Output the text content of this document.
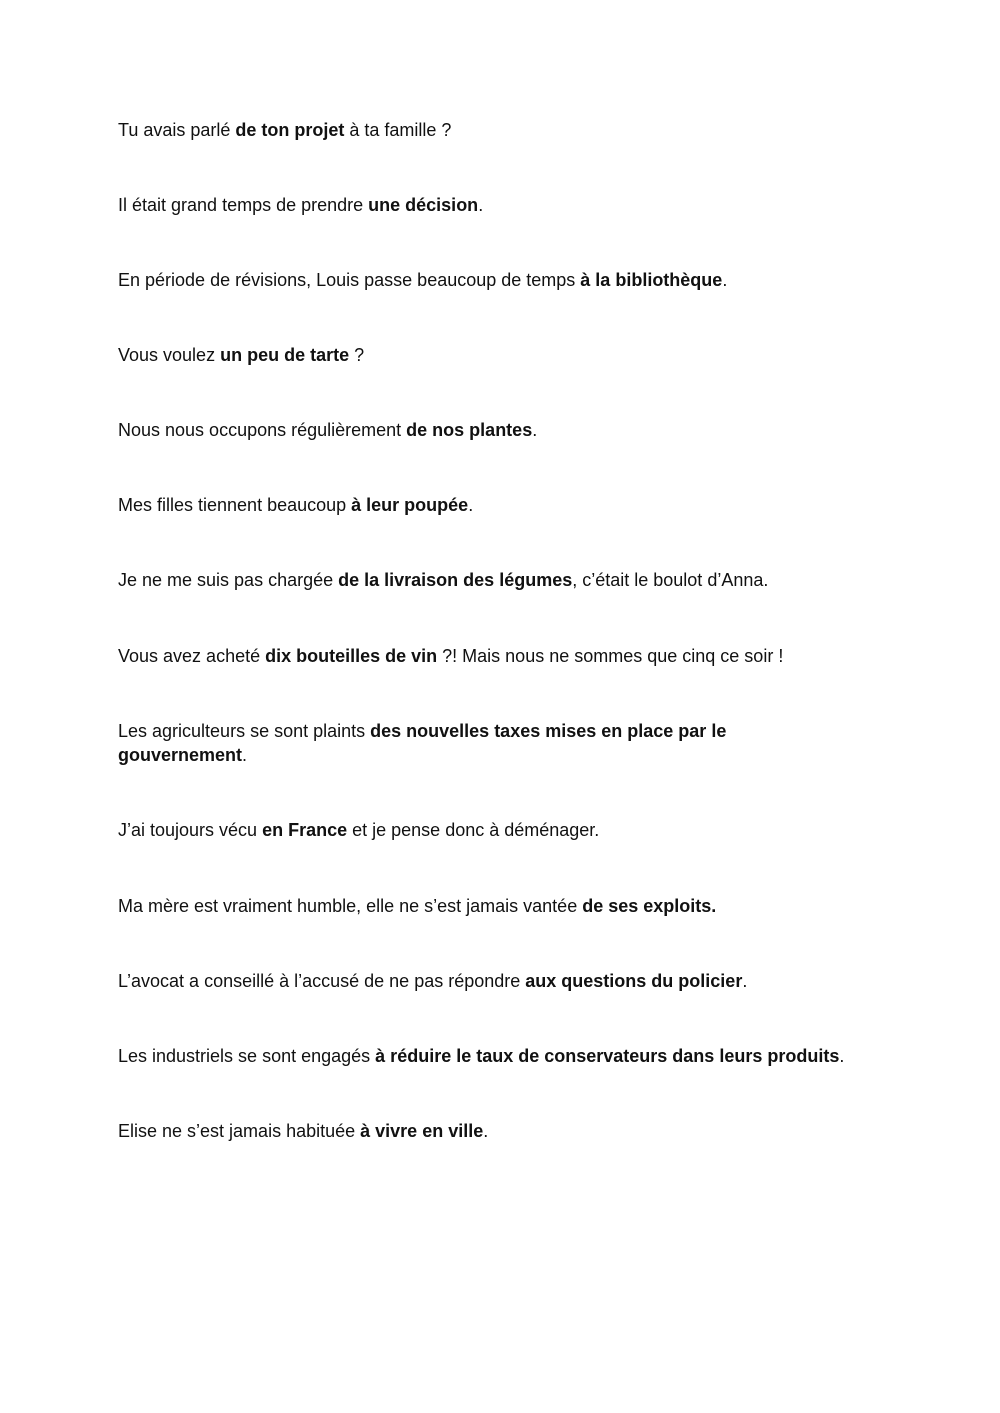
Tu avais parlé de ton projet à ta famille ?

Il était grand temps de prendre une décision.

En période de révisions, Louis passe beaucoup de temps à la bibliothèque.

Vous voulez un peu de tarte ?

Nous nous occupons régulièrement de nos plantes.

Mes filles tiennent beaucoup à leur poupée.

Je ne me suis pas chargée de la livraison des légumes, c’était le boulot d’Anna.

Vous avez acheté dix bouteilles de vin ?! Mais nous ne sommes que cinq ce soir !

Les agriculteurs se sont plaints des nouvelles taxes mises en place par le gouvernement.

J’ai toujours vécu en France et je pense donc à déménager.

Ma mère est vraiment humble, elle ne s’est jamais vantée de ses exploits.

L’avocat a conseillé à l’accusé de ne pas répondre aux questions du policier.

Les industriels se sont engagés à réduire le taux de conservateurs dans leurs produits.

Elise ne s’est jamais habituée à vivre en ville.
